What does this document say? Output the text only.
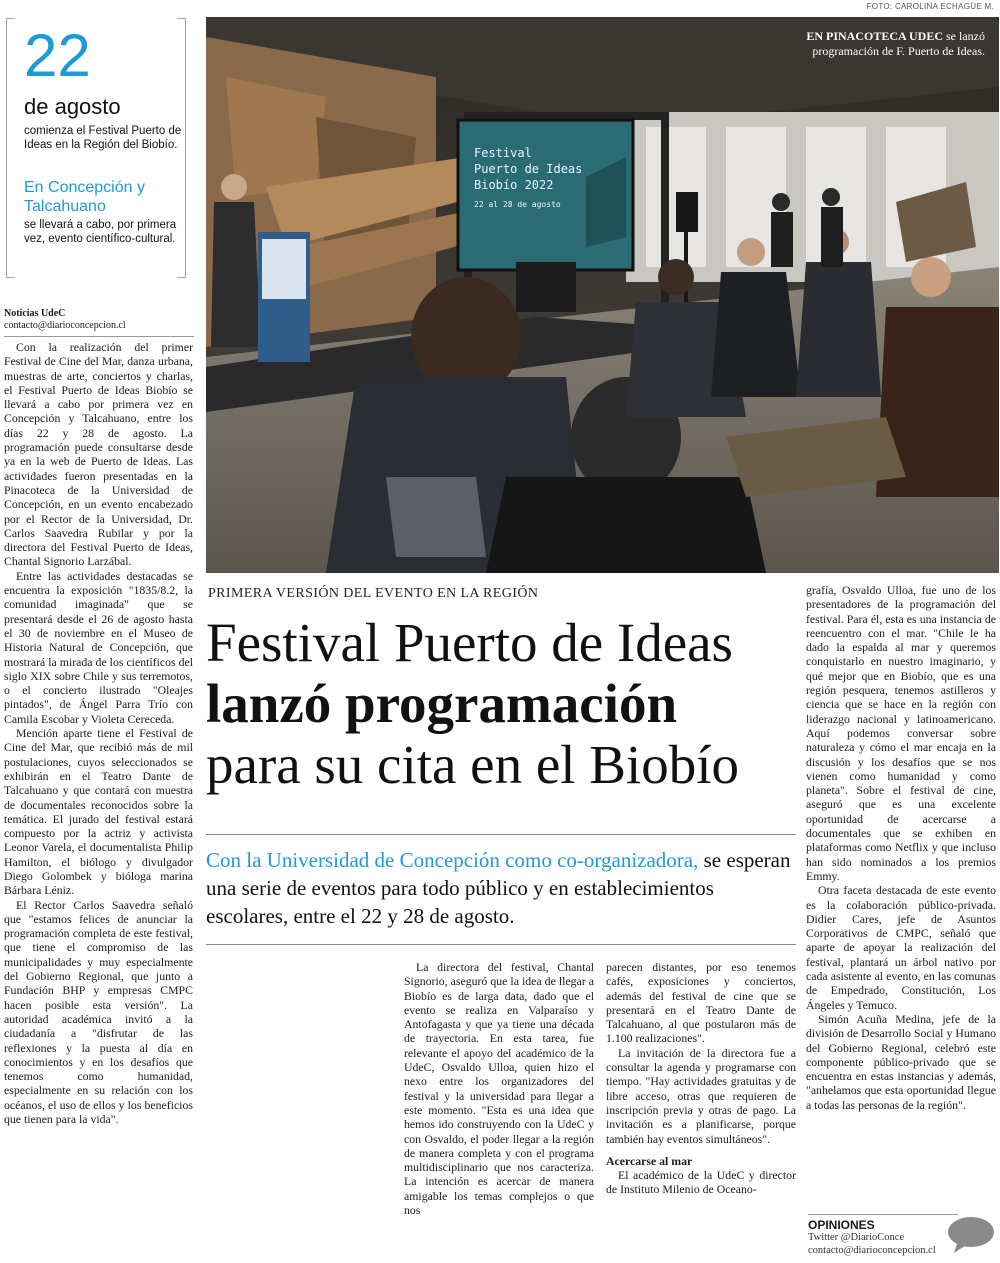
FOTO: CAROLINA ECHAGÜE M.
22
de agosto
comienza el Festival Puerto de Ideas en la Región del Biobío.
En Concepción y Talcahuano
se llevará a cabo, por primera vez, evento científico-cultural.
Noticias UdeC
contacto@diarioconcepcion.cl

Con la realización del primer Festival de Cine del Mar, danza urbana, muestras de arte, conciertos y charlas, el Festival Puerto de Ideas Biobío se llevará a cabo por primera vez en Concepción y Talcahuano, entre los días 22 y 28 de agosto. La programación puede consultarse desde ya en la web de Puerto de Ideas. Las actividades fueron presentadas en la Pinacoteca de la Universidad de Concepción, en un evento encabezado por el Rector de la Universidad, Dr. Carlos Saavedra Rubilar y por la directora del Festival Puerto de Ideas, Chantal Signorio Larzábal.

Entre las actividades destacadas se encuentra la exposición "1835/8.2, la comunidad imaginada" que se presentará desde el 26 de agosto hasta el 30 de noviembre en el Museo de Historia Natural de Concepción, que mostrará la mirada de los científicos del siglo XIX sobre Chile y sus terremotos, o el concierto ilustrado "Oleajes pintados", de Ángel Parra Trío con Camila Escobar y Violeta Cereceda.

Mención aparte tiene el Festival de Cine del Mar, que recibió más de mil postulaciones, cuyos seleccionados se exhibirán en el Teatro Dante de Talcahuano y que contará con muestra de documentales reconocidos sobre la temática. El jurado del festival estará compuesto por la actriz y activista Leonor Varela, el documentalista Philip Hamilton, el biólogo y divulgador Diego Golombek y bióloga marina Bárbara Léniz.

El Rector Carlos Saavedra señaló que "estamos felices de anunciar la programación completa de este festival, que tiene el compromiso de las municipalidades y muy especialmente del Gobierno Regional, que junto a Fundación BHP y empresas CMPC hacen posible esta versión". La autoridad académica invitó a la ciudadanía a "disfrutar de las reflexiones y la puesta al día en conocimientos y en los desafíos que tenemos como humanidad, especialmente en su relación con los océanos, el uso de ellos y los beneficios que tienen para la vida".

Festival
Puerto de Ideas
Biobío 2022
22 al 28 de agosto
EN PINACOTECA UDEC se lanzó programación de F. Puerto de Ideas.
PRIMERA VERSIÓN DEL EVENTO EN LA REGIÓN
Festival Puerto de Ideas
lanzó programación
para su cita en el Biobío
Con la Universidad de Concepción como co-organizadora, se esperan una serie de eventos para todo público y en establecimientos escolares, entre el 22 y 28 de agosto.

La directora del festival, Chantal Signorio, aseguró que la idea de llegar a Biobío es de larga data, dado que el evento se realiza en Valparaíso y Antofagasta y que ya tiene una década de trayectoria. En esta tarea, fue relevante el apoyo del académico de la UdeC, Osvaldo Ulloa, quien hizo el nexo entre los organizadores del festival y la universidad para llegar a este momento. "Esta es una idea que hemos ido construyendo con la UdeC y con Osvaldo, el poder llegar a la región de manera completa y con el programa multidisciplinario que nos caracteriza. La intención es acercar de manera amigable los temas complejos o que nos

parecen distantes, por eso tenemos cafés, exposiciones y conciertos, además del festival de cine que se presentará en el Teatro Dante de Talcahuano, al que postularon más de 1.100 realizaciones".

La invitación de la directora fue a consultar la agenda y programarse con tiempo. "Hay actividades gratuitas y de libre acceso, otras que requieren de inscripción previa y otras de pago. La invitación es a planificarse, porque también hay eventos simultáneos".

Acercarse al mar

El académico de la UdeC y director de Instituto Milenio de Oceano-

grafía, Osvaldo Ulloa, fue uno de los presentadores de la programación del festival. Para él, esta es una instancia de reencuentro con el mar. "Chile le ha dado la espalda al mar y queremos conquistarlo en nuestro imaginario, y qué mejor que en Biobío, que es una región pesquera, tenemos astilleros y ciencia que se hace en la región con liderazgo nacional y latinoamericano. Aquí podemos conversar sobre naturaleza y cómo el mar encaja en la discusión y los desafíos que se nos vienen como humanidad y como planeta". Sobre el festival de cine, aseguró que es una excelente oportunidad de acercarse a documentales que se exhiben en plataformas como Netflix y que incluso han sido nominados a los premios Emmy.

Otra faceta destacada de este evento es la colaboración público-privada. Didier Cares, jefe de Asuntos Corporativos de CMPC, señaló que aparte de apoyar la realización del festival, plantará un árbol nativo por cada asistente al evento, en las comunas de Empedrado, Constitución, Los Ángeles y Temuco.

Simón Acuña Medina, jefe de la división de Desarrollo Social y Humano del Gobierno Regional, celebró este componente público-privado que se encuentra en estas instancias y además, "anhelamos que esta oportunidad llegue a todas las personas de la región".

OPINIONES
Twitter @DiarioConce
contacto@diarioconcepcion.cl
